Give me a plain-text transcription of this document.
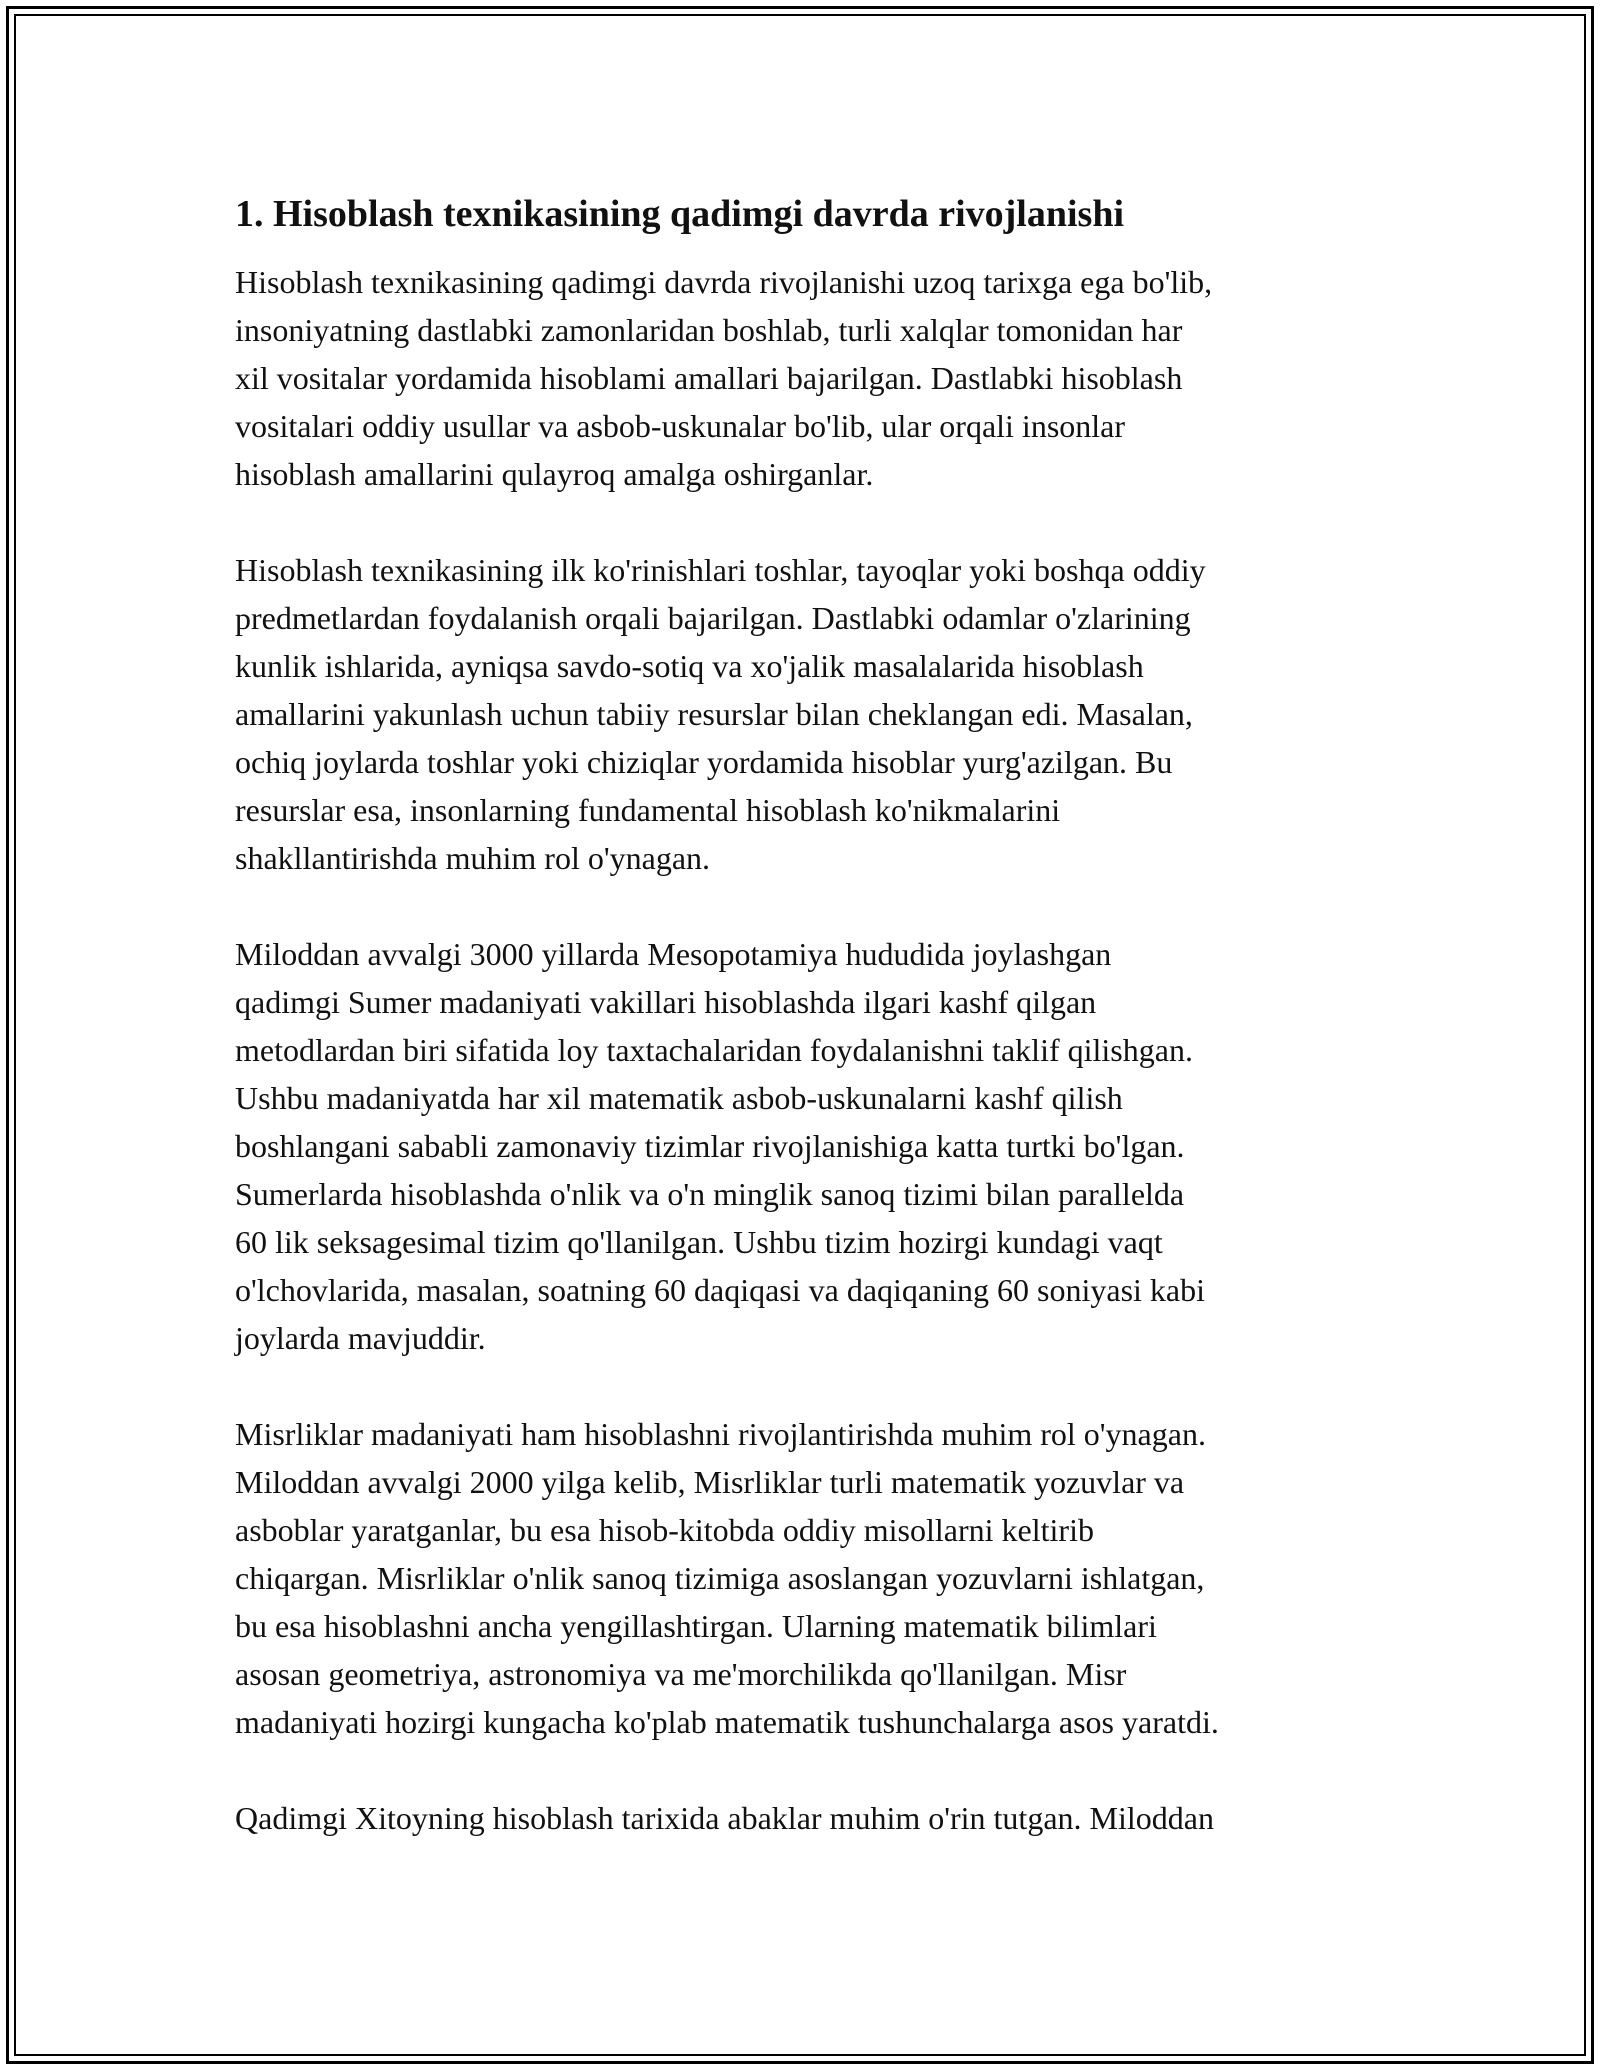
1. Hisoblash texnikasining qadimgi davrda rivojlanishi

Hisoblash texnikasining qadimgi davrda rivojlanishi uzoq tarixga ega bo'lib,
insoniyatning dastlabki zamonlaridan boshlab, turli xalqlar tomonidan har
xil vositalar yordamida hisoblami amallari bajarilgan. Dastlabki hisoblash
vositalari oddiy usullar va asbob-uskunalar bo'lib, ular orqali insonlar
hisoblash amallarini qulayroq amalga oshirganlar.

Hisoblash texnikasining ilk ko'rinishlari toshlar, tayoqlar yoki boshqa oddiy
predmetlardan foydalanish orqali bajarilgan. Dastlabki odamlar o'zlarining
kunlik ishlarida, ayniqsa savdo-sotiq va xo'jalik masalalarida hisoblash
amallarini yakunlash uchun tabiiy resurslar bilan cheklangan edi. Masalan,
ochiq joylarda toshlar yoki chiziqlar yordamida hisoblar yurg'azilgan. Bu
resurslar esa, insonlarning fundamental hisoblash ko'nikmalarini
shakllantirishda muhim rol o'ynagan.

Miloddan avvalgi 3000 yillarda Mesopotamiya hududida joylashgan
qadimgi Sumer madaniyati vakillari hisoblashda ilgari kashf qilgan
metodlardan biri sifatida loy taxtachalaridan foydalanishni taklif qilishgan.
Ushbu madaniyatda har xil matematik asbob-uskunalarni kashf qilish
boshlangani sababli zamonaviy tizimlar rivojlanishiga katta turtki bo'lgan.
Sumerlarda hisoblashda o'nlik va o'n minglik sanoq tizimi bilan parallelda
60 lik seksagesimal tizim qo'llanilgan. Ushbu tizim hozirgi kundagi vaqt
o'lchovlarida, masalan, soatning 60 daqiqasi va daqiqaning 60 soniyasi kabi
joylarda mavjuddir.

Misrliklar madaniyati ham hisoblashni rivojlantirishda muhim rol o'ynagan.
Miloddan avvalgi 2000 yilga kelib, Misrliklar turli matematik yozuvlar va
asboblar yaratganlar, bu esa hisob-kitobda oddiy misollarni keltirib
chiqargan. Misrliklar o'nlik sanoq tizimiga asoslangan yozuvlarni ishlatgan,
bu esa hisoblashni ancha yengillashtirgan. Ularning matematik bilimlari
asosan geometriya, astronomiya va me'morchilikda qo'llanilgan. Misr
madaniyati hozirgi kungacha ko'plab matematik tushunchalarga asos yaratdi.

Qadimgi Xitoyning hisoblash tarixida abaklar muhim o'rin tutgan. Miloddan
